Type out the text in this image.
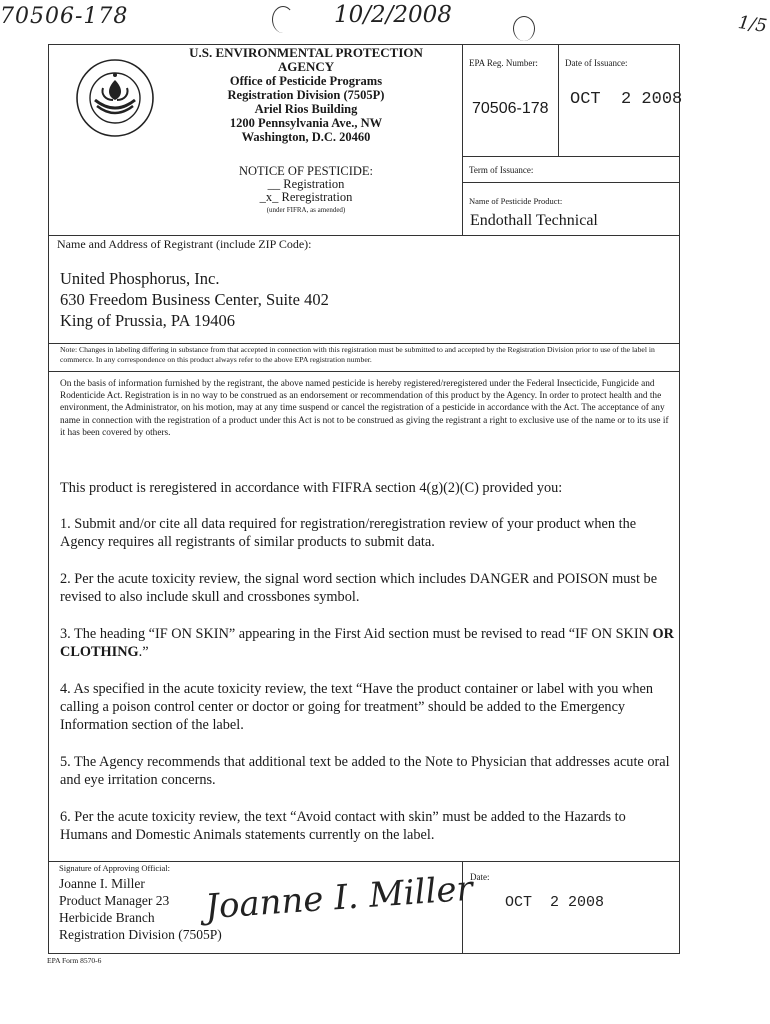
70506-178	10/2/2008	1/5
U.S. ENVIRONMENTAL PROTECTION
AGENCY
Office of Pesticide Programs
Registration Division (7505P)
Ariel Rios Building
1200 Pennsylvania Ave., NW
Washington, D.C. 20460
NOTICE OF PESTICIDE:
__ Registration
_x_ Reregistration
(under FIFRA, as amended)
EPA Reg. Number:
70506-178
Date of Issuance:
OCT  2 2008
Term of Issuance:
Name of Pesticide Product:
Endothall Technical
Name and Address of Registrant (include ZIP Code):
United Phosphorus, Inc.
630 Freedom Business Center, Suite 402
King of Prussia, PA 19406
Note: Changes in labeling differing in substance from that accepted in connection with this registration must be submitted to and accepted by the Registration Division prior to use of the label in commerce. In any correspondence on this product always refer to the above EPA registration number.
On the basis of information furnished by the registrant, the above named pesticide is hereby registered/reregistered under the Federal Insecticide, Fungicide and Rodenticide Act. Registration is in no way to be construed as an endorsement or recommendation of this product by the Agency. In order to protect health and the environment, the Administrator, on his motion, may at any time suspend or cancel the registration of a pesticide in accordance with the Act. The acceptance of any name in connection with the registration of a product under this Act is not to be construed as giving the registrant a right to exclusive use of the name or to its use if it has been covered by others.
This product is reregistered in accordance with FIFRA section 4(g)(2)(C) provided you:
1. Submit and/or cite all data required for registration/reregistration review of your product when the Agency requires all registrants of similar products to submit data.
2. Per the acute toxicity review, the signal word section which includes DANGER and POISON must be revised to also include skull and crossbones symbol.
3. The heading “IF ON SKIN” appearing in the First Aid section must be revised to read “IF ON SKIN OR CLOTHING.”
4. As specified in the acute toxicity review, the text “Have the product container or label with you when calling a poison control center or doctor or going for treatment” should be added to the Emergency Information section of the label.
5. The Agency recommends that additional text be added to the Note to Physician that addresses acute oral and eye irritation concerns.
6. Per the acute toxicity review, the text “Avoid contact with skin” must be added to the Hazards to Humans and Domestic Animals statements currently on the label.
Signature of Approving Official:
Joanne I. Miller
Product Manager 23
Herbicide Branch
Registration Division (7505P)
Joanne I. Miller
Date:
OCT  2 2008
EPA Form 8570-6
